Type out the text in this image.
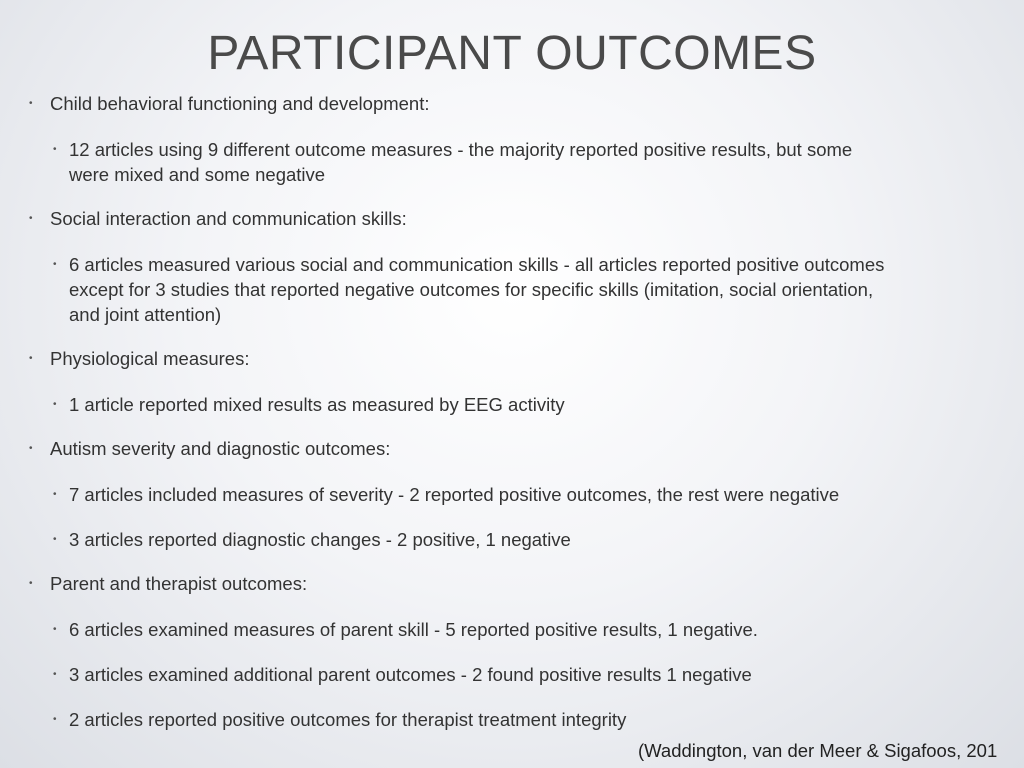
PARTICIPANT OUTCOMES
• Child behavioral functioning and development:
• 12 articles using 9 different outcome measures - the majority reported positive results, but some
were mixed and some negative
• Social interaction and communication skills:
• 6 articles measured various social and communication skills - all articles reported positive outcomes
except for 3 studies that reported negative outcomes for specific skills (imitation, social orientation,
and joint attention)
• Physiological measures:
• 1 article reported mixed results as measured by EEG activity
• Autism severity and diagnostic outcomes:
• 7 articles included measures of severity - 2 reported positive outcomes, the rest were negative
• 3 articles reported diagnostic changes - 2 positive, 1 negative
• Parent and therapist outcomes:
• 6 articles examined measures of parent skill - 5 reported positive results, 1 negative.
• 3 articles examined additional parent outcomes - 2 found positive results 1 negative
• 2 articles reported positive outcomes for therapist treatment integrity
(Waddington, van der Meer & Sigafoos, 201
